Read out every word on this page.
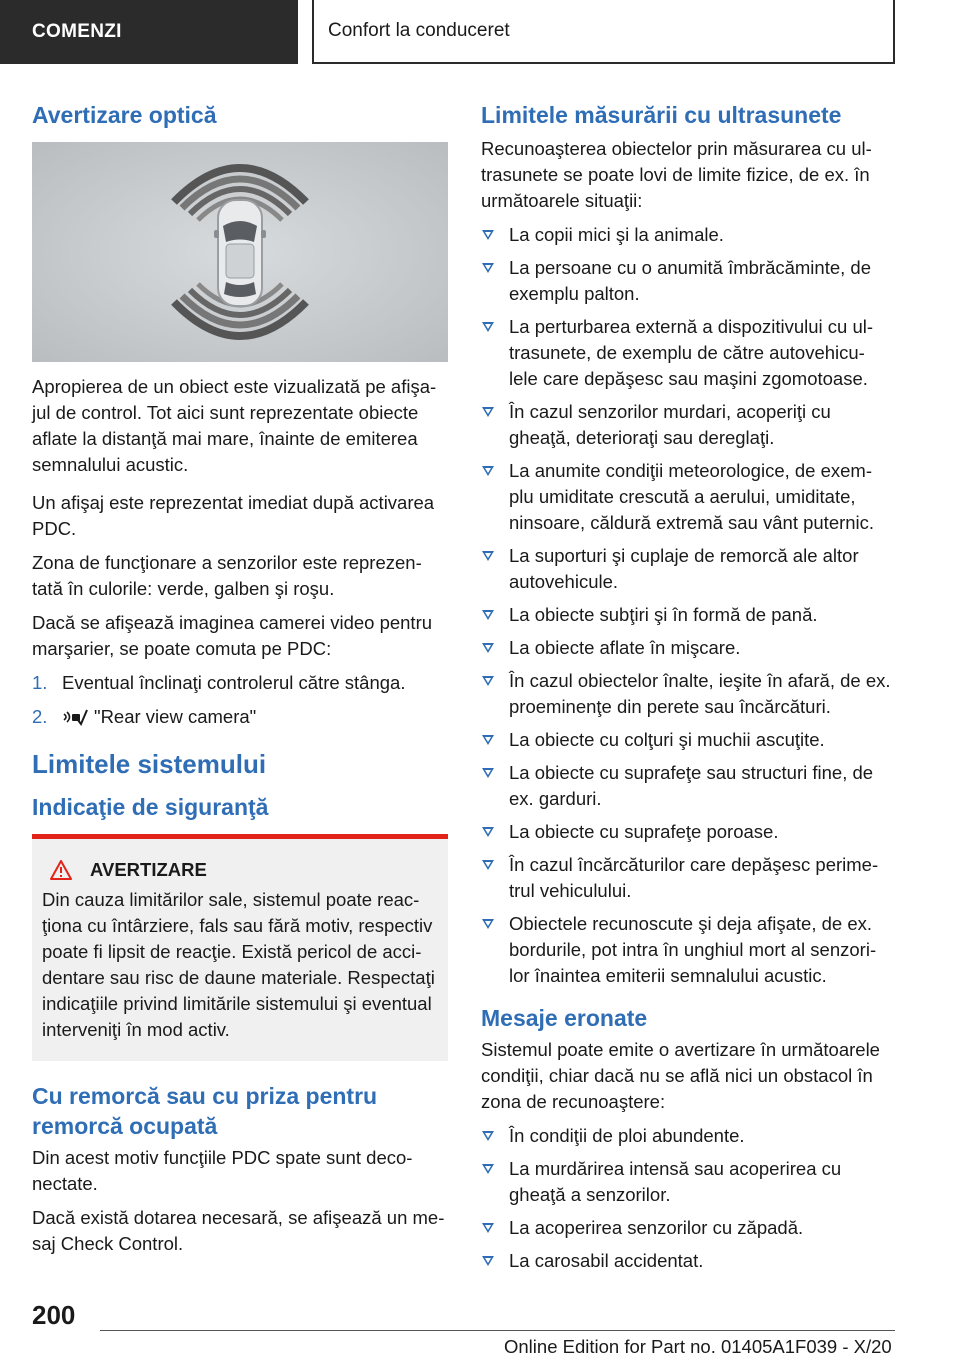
COMENZI	Confort la conduceret
Avertizare optică

Apropierea de un obiect este vizualizată pe afişa‐jul de control. Tot aici sunt reprezentate obiecte aflate la distanţă mai mare, înainte de emiterea semnalului acustic.

Un afişaj este reprezentat imediat după activarea PDC.

Zona de funcţionare a senzorilor este reprezen‐tată în culorile: verde, galben şi roşu.

Dacă se afişează imaginea camerei video pentru marşarier, se poate comuta pe PDC:

1. Eventual înclinaţi controlerul către stânga.
2.	"Rear view camera"
Limitele sistemului
Indicaţie de siguranţă
AVERTIZARE
Din cauza limitărilor sale, sistemul poate reac‐ţiona cu întârziere, fals sau fără motiv, respectiv poate fi lipsit de reacţie. Există pericol de acci‐dentare sau risc de daune materiale. Respectaţi indicaţiile privind limitările sistemului şi eventual interveniţi în mod activ.
Cu remorcă sau cu priza pentru remorcă ocupată

Din acest motiv funcţiile PDC spate sunt deco‐nectate.

Dacă există dotarea necesară, se afişează un me‐saj Check Control.

Limitele măsurării cu ultrasunete

Recunoaşterea obiectelor prin măsurarea cu ul‐trasunete se poate lovi de limite fizice, de ex. în următoarele situaţii:

La copii mici şi la animale.
La persoane cu o anumită îmbrăcăminte, de exemplu palton.
La perturbarea externă a dispozitivului cu ul‐trasunete, de exemplu de către autovehicu‐lele care depăşesc sau maşini zgomotoase.
În cazul senzorilor murdari, acoperiţi cu gheaţă, deterioraţi sau dereglaţi.
La anumite condiţii meteorologice, de exem‐plu umiditate crescută a aerului, umiditate, ninsoare, căldură extremă sau vânt puternic.
La suporturi şi cuplaje de remorcă ale altor autovehicule.
La obiecte subţiri şi în formă de pană.
La obiecte aflate în mişcare.
În cazul obiectelor înalte, ieşite în afară, de ex. proeminenţe din perete sau încărcături.
La obiecte cu colţuri şi muchii ascuţite.
La obiecte cu suprafeţe sau structuri fine, de ex. garduri.
La obiecte cu suprafeţe poroase.
În cazul încărcăturilor care depăşesc perime‐trul vehiculului.
Obiectele recunoscute şi deja afişate, de ex. bordurile, pot intra în unghiul mort al senzori‐lor înaintea emiterii semnalului acustic.
Mesaje eronate

Sistemul poate emite o avertizare în următoarele condiţii, chiar dacă nu se află nici un obstacol în zona de recunoaştere:

În condiţii de ploi abundente.
La murdărirea intensă sau acoperirea cu gheaţă a senzorilor.
La acoperirea senzorilor cu zăpadă.
La carosabil accidentat.
200
Online Edition for Part no. 01405A1F039 - X/20
